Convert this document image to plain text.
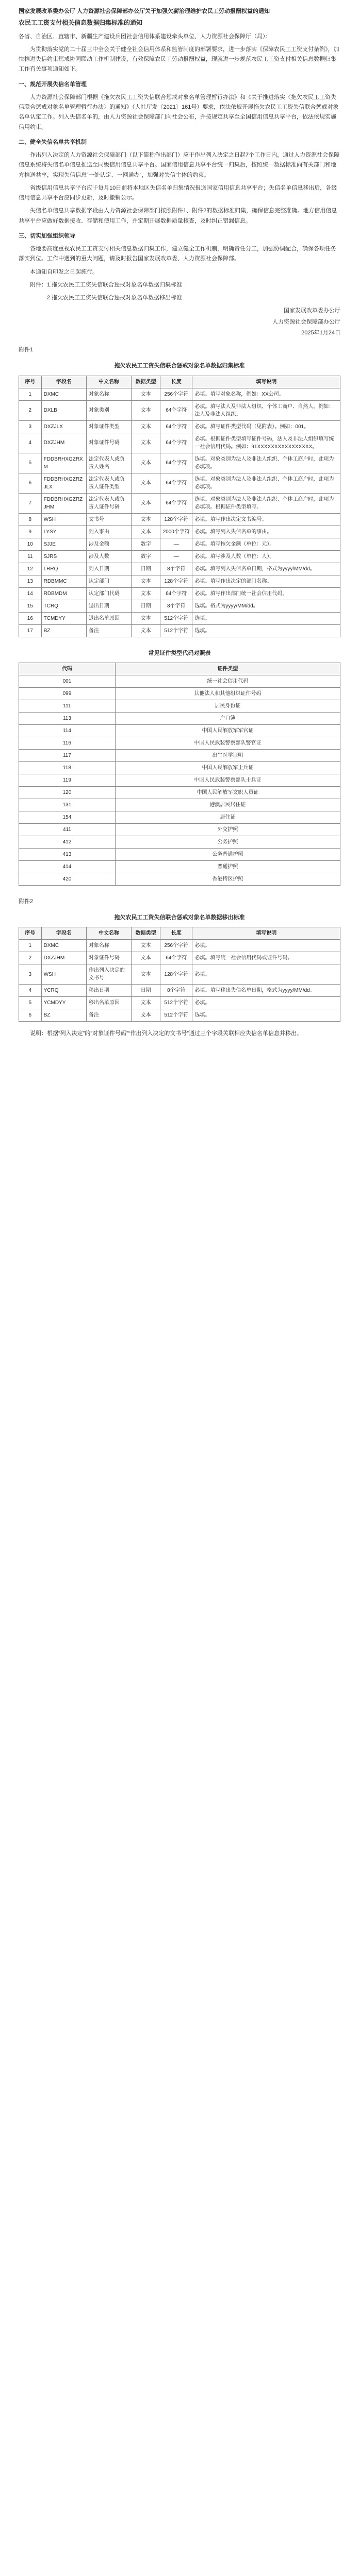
国家发展改革委办公厅 人力资源社会保障部办公厅关于加强欠薪治理维护农民工劳动报酬权益的通知
农民工工资支付相关信息数据归集标准的通知

各省、自治区、直辖市、新疆生产建设兵团社会信用体系建设牵头单位、人力资源社会保障厅（局）：

为贯彻落实党的二十届三中全会关于健全社会信用体系和监管制度的部署要求，进一步落实《保障农民工工资支付条例》，加快推进失信约束惩戒协同联动工作机制建设，有效保障农民工劳动报酬权益，现就进一步规范农民工工资支付相关信息数据归集工作有关事项通知如下。

一、规范开展失信名单管理

人力资源社会保障部门根据《拖欠农民工工资失信联合惩戒对象名单管理暂行办法》和《关于推进落实〈拖欠农民工工资失信联合惩戒对象名单管理暂行办法〉的通知》（人社厅发〔2021〕161号）要求，依法依规开展拖欠农民工工资失信联合惩戒对象名单认定工作。列入失信名单的，由人力资源社会保障部门向社会公布，并按规定共享至全国信用信息共享平台，依法依规实施信用约束。

二、健全失信名单共享机制

作出列入决定的人力资源社会保障部门（以下简称作出部门）应于作出列入决定之日起7个工作日内，通过人力资源社会保障信息系统将失信名单信息推送至同级信用信息共享平台。国家信用信息共享平台统一归集后，按照统一数据标准向有关部门和地方推送共享，实现失信信息“一处认定、一网通办”，加强对失信主体的约束。

省级信用信息共享平台应于每月10日前将本地区失信名单归集情况报送国家信用信息共享平台；失信名单信息移出后，各级信用信息共享平台应同步更新，及时撤销公示。

失信名单信息共享数据字段由人力资源社会保障部门按照附件1、附件2的数据标准归集，确保信息完整准确。地方信用信息共享平台应做好数据接收、存储和使用工作，并定期开展数据质量核查，及时纠正错漏信息。

三、切实加强组织领导

各地要高度重视农民工工资支付相关信息数据归集工作，建立健全工作机制，明确责任分工，加强协调配合，确保各项任务落实到位。工作中遇到的重大问题，请及时报告国家发展改革委、人力资源社会保障部。

本通知自印发之日起施行。

附件：1.拖欠农民工工资失信联合惩戒对象名单数据归集标准

2.拖欠农民工工资失信联合惩戒对象名单数据移出标准

国家发展改革委办公厅

人力资源社会保障部办公厅

2025年1月24日

附件1

拖欠农民工工资失信联合惩戒对象名单数据归集标准
序号	字段名	中文名称	数据类型	长度	填写说明
1	DXMC	对象名称	文本	256个字符	必填。填写对象名称，例如：XX公司。
2	DXLB	对象类别	文本	64个字符	必填。填写法人及非法人组织、个体工商户、自然人。例如：法人及非法人组织。
3	DXZJLX	对象证件类型	文本	64个字符	必填。填写证件类型代码（见附表）。例如：001。
4	DXZJHM	对象证件号码	文本	64个字符	必填。根据证件类型填写证件号码，法人及非法人组织填写统一社会信用代码。例如：91XXXXXXXXXXXXXXXX。
5	FDDBRHXGZRXM	法定代表人或负责人姓名	文本	64个字符	选填。对象类别为法人及非法人组织、个体工商户时，此项为必填项。
6	FDDBRHXGZRZJLX	法定代表人或负责人证件类型	文本	64个字符	选填。对象类别为法人及非法人组织、个体工商户时，此项为必填项。
7	FDDBRHXGZRZJHM	法定代表人或负责人证件号码	文本	64个字符	选填。对象类别为法人及非法人组织、个体工商户时，此项为必填项。根据证件类型填写。
8	WSH	文书号	文本	128个字符	必填。填写作出决定文书编号。
9	LYSY	列入事由	文本	2000个字符	必填。填写列入失信名单的事由。
10	SJJE	涉及金额	数字	—	必填。填写拖欠金额（单位：元）。
11	SJRS	涉及人数	数字	—	必填。填写涉及人数（单位：人）。
12	LRRQ	列入日期	日期	8个字符	必填。填写列入失信名单日期，格式为yyyy/MM/dd。
13	RDBMMC	认定部门	文本	128个字符	必填。填写作出决定的部门名称。
14	RDBMDM	认定部门代码	文本	64个字符	必填。填写作出部门统一社会信用代码。
15	TCRQ	退出日期	日期	8个字符	选填。格式为yyyy/MM/dd。
16	TCMDYY	退出名单原因	文本	512个字符	选填。
17	BZ	备注	文本	512个字符	选填。
常见证件类型代码对照表
代码	证件类型
001	统一社会信用代码
099	其他法人和其他组织证件号码
111	居民身份证
113	户口簿
114	中国人民解放军军官证
116	中国人民武装警察部队警官证
117	出生医学证明
118	中国人民解放军士兵证
119	中国人民武装警察部队士兵证
120	中国人民解放军文职人员证
131	港澳居民居住证
154	居住证
411	外交护照
412	公务护照
413	公务普通护照
414	普通护照
420	香港特区护照

附件2

拖欠农民工工资失信联合惩戒对象名单数据移出标准
序号	字段名	中文名称	数据类型	长度	填写说明
1	DXMC	对象名称	文本	256个字符	必填。
2	DXZJHM	对象证件号码	文本	64个字符	必填。填写统一社会信用代码或证件号码。
3	WSH	作出列入决定的文书号	文本	128个字符	必填。
4	YCRQ	移出日期	日期	8个字符	必填。填写移出失信名单日期，格式为yyyy/MM/dd。
5	YCMDYY	移出名单原因	文本	512个字符	必填。
6	BZ	备注	文本	512个字符	选填。

说明：根据“列入决定”的“对象证件号码”“作出列入决定的文书号”通过三个字段关联相应失信名单信息并移出。
